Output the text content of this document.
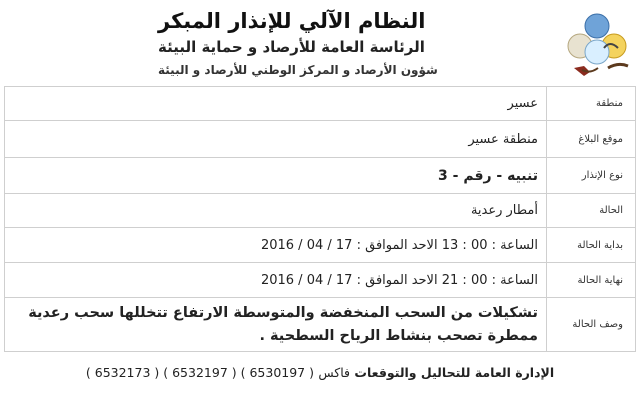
النظام الآلي للإنذار المبكر
الرئاسة العامة للأرصاد و حماية البيئة
شؤون الأرصاد و المركز الوطني للأرصاد و البيئة
منطقة
عسير
موقع البلاغ
منطقة عسير
نوع الإنذار
تنبيه - رقم - 3
الحالة
أمطار رعدية
بداية الحالة
الساعة : 00 : 13 الاحد الموافق : 17 / 04 / 2016
نهاية الحالة
الساعة : 00 : 21 الاحد الموافق : 17 / 04 / 2016
وصف الحالة
تشكيلات من السحب المنخفضة والمتوسطة الارتفاع تتخللها سحب رعدية ممطرة تصحب بنشاط الرياح السطحية .
الإدارة العامة للتحاليل والتوقعات فاكس ( 6530197 ) ( 6532197 ) ( 6532173 )
